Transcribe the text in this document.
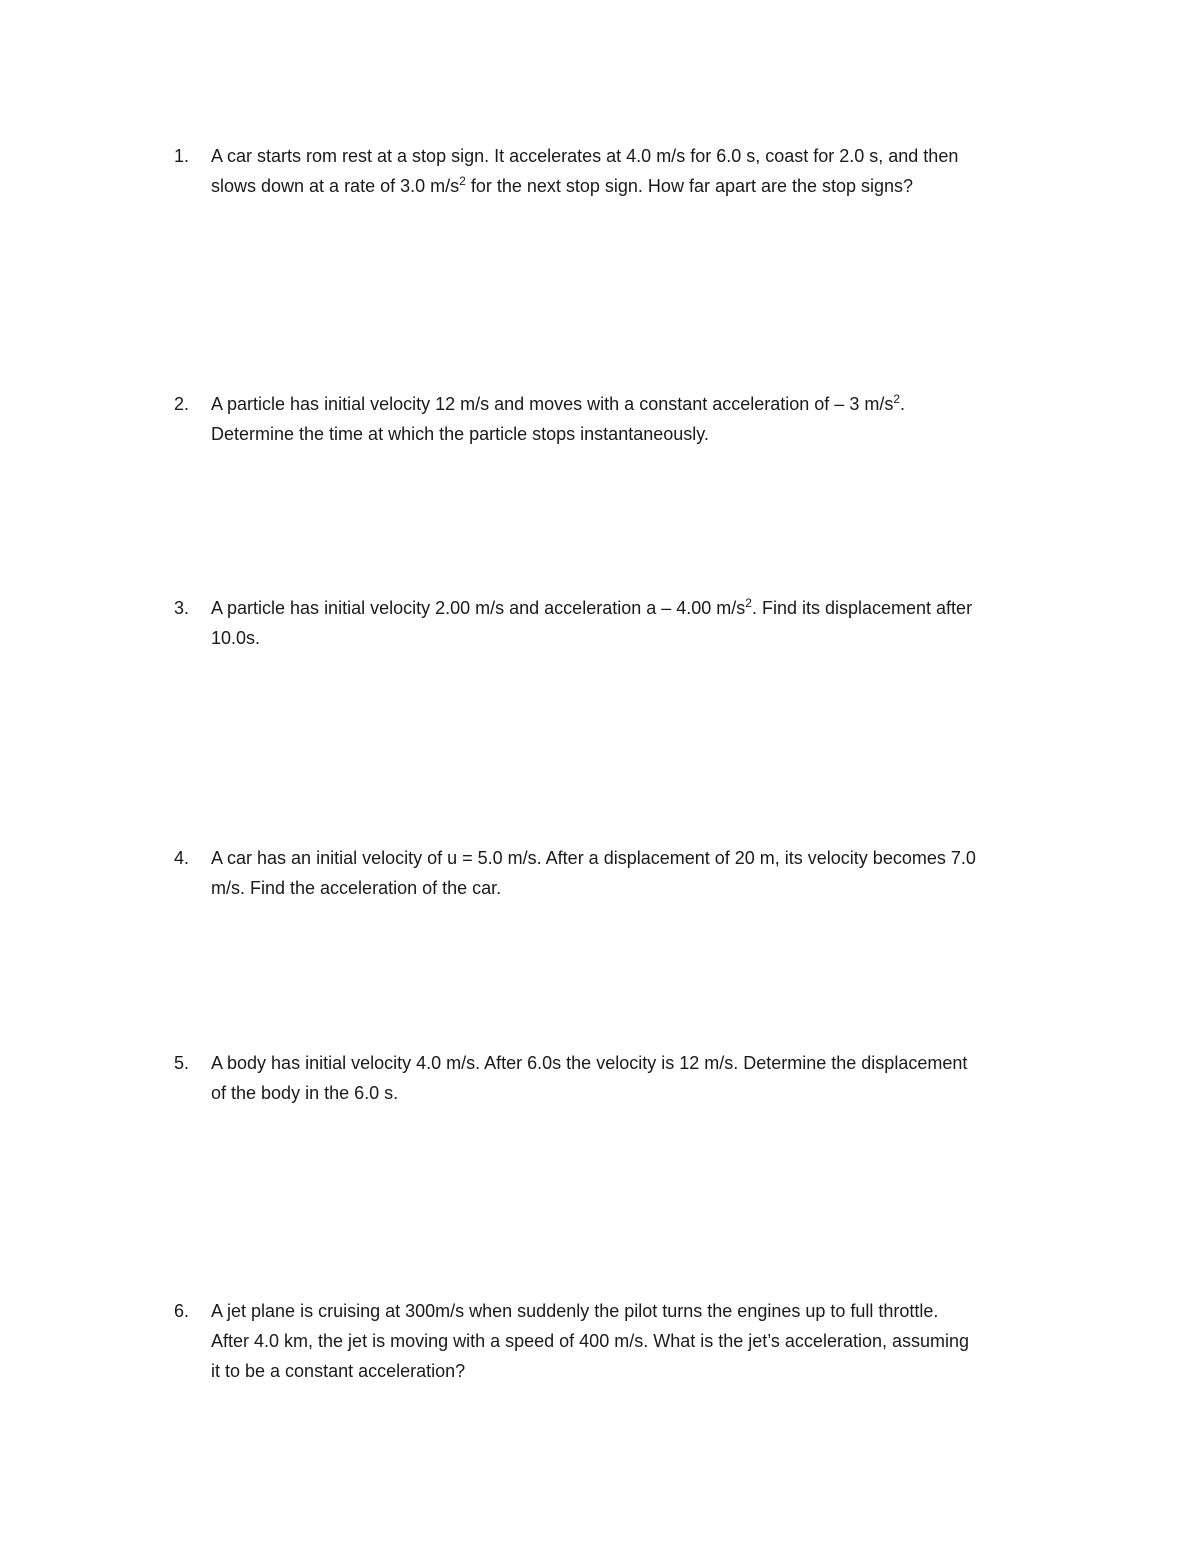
1. A car starts rom rest at a stop sign. It accelerates at 4.0 m/s for 6.0 s, coast for 2.0 s, and then
slows down at a rate of 3.0 $m/s^2$ for the next stop sign. How far apart are the stop signs?
2. A particle has initial velocity 12 m/s and moves with a constant acceleration of – 3 $m/s^2$.
Determine the time at which the particle stops instantaneously.
3. A particle has initial velocity 2.00 m/s and acceleration a – 4.00 $m/s^2$. Find its displacement after
10.0s.
4. A car has an initial velocity of u = 5.0 m/s. After a displacement of 20 m, its velocity becomes 7.0
m/s. Find the acceleration of the car.
5. A body has initial velocity 4.0 m/s. After 6.0s the velocity is 12 m/s. Determine the displacement
of the body in the 6.0 s.
6. A jet plane is cruising at 300m/s when suddenly the pilot turns the engines up to full throttle.
After 4.0 km, the jet is moving with a speed of 400 m/s. What is the jet’s acceleration, assuming
it to be a constant acceleration?
